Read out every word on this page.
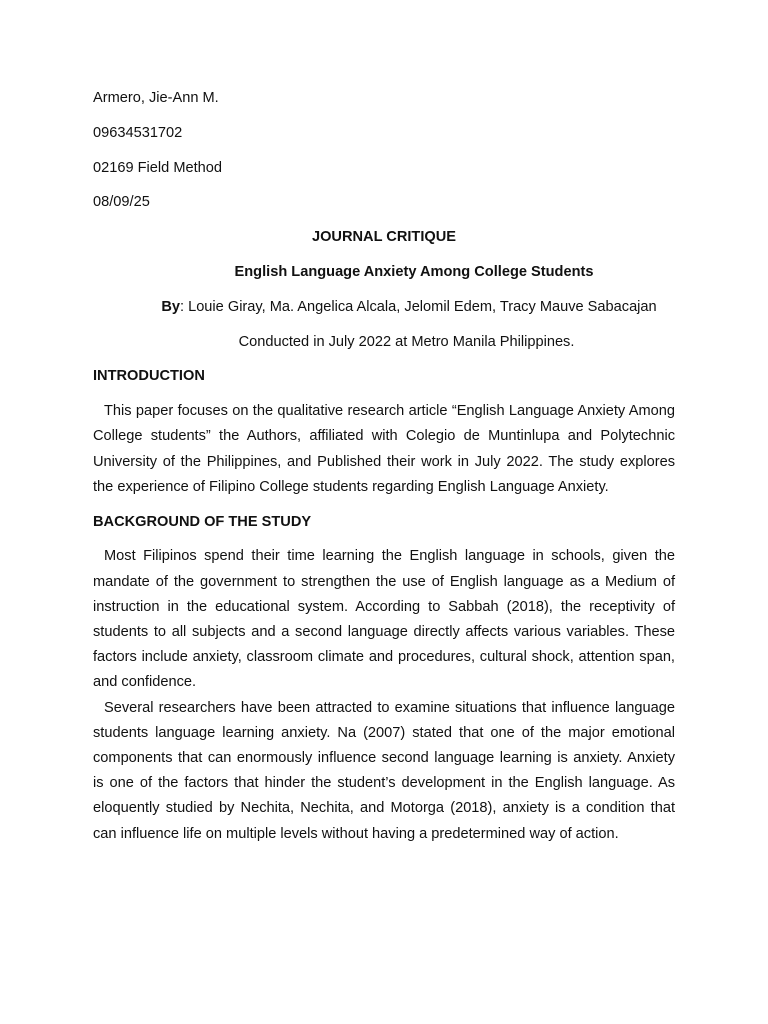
Armero, Jie-Ann M.

09634531702

02169 Field Method

08/09/25

JOURNAL CRITIQUE

English Language Anxiety Among College Students

By: Louie Giray, Ma. Angelica Alcala, Jelomil Edem, Tracy Mauve Sabacajan

Conducted in July 2022 at Metro Manila Philippines.

INTRODUCTION

This paper focuses on the qualitative research article “English Language Anxiety Among College students” the Authors, affiliated with Colegio de Muntinlupa and Polytechnic University of the Philippines, and Published their work in July 2022. The study explores the experience of Filipino College students regarding English Language Anxiety.

BACKGROUND OF THE STUDY

Most Filipinos spend their time learning the English language in schools, given the mandate of the government to strengthen the use of English language as a Medium of instruction in the educational system. According to Sabbah (2018), the receptivity of students to all subjects and a second language directly affects various variables. These factors include anxiety, classroom climate and procedures, cultural shock, attention span, and confidence.

Several researchers have been attracted to examine situations that influence language students language learning anxiety. Na (2007) stated that one of the major emotional components that can enormously influence second language learning is anxiety. Anxiety is one of the factors that hinder the student’s development in the English language. As eloquently studied by Nechita, Nechita, and Motorga (2018), anxiety is a condition that can influence life on multiple levels without having a predetermined way of action.
